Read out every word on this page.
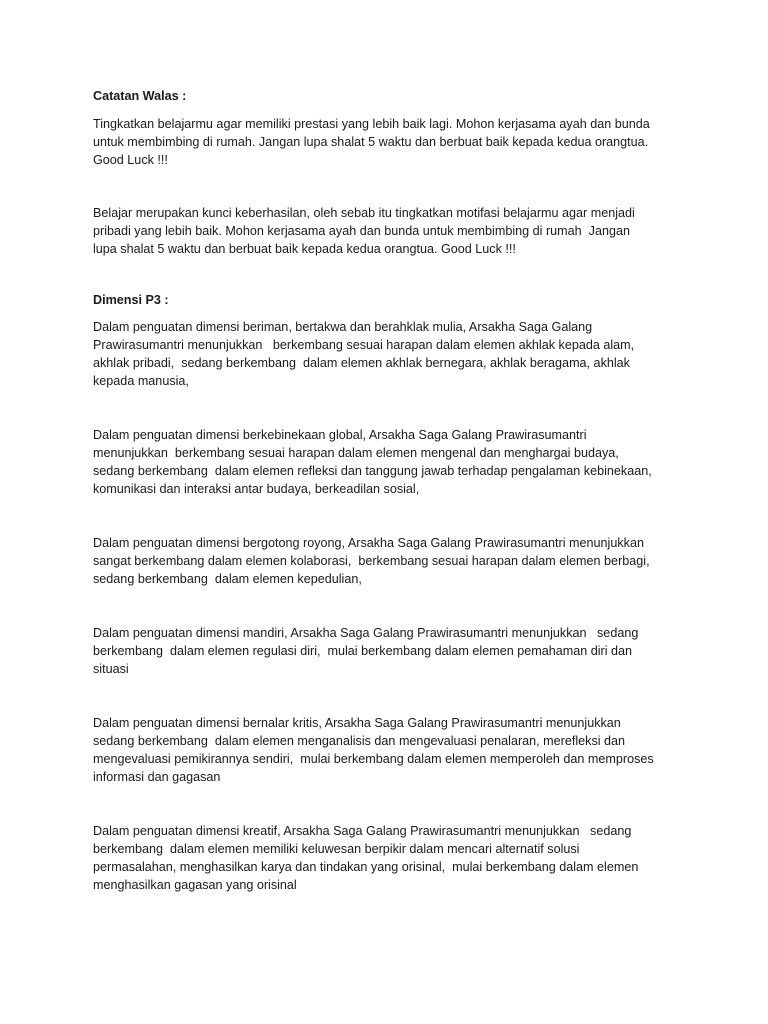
Catatan Walas :
Tingkatkan belajarmu agar memiliki prestasi yang lebih baik lagi. Mohon kerjasama ayah dan bunda
untuk membimbing di rumah. Jangan lupa shalat 5 waktu dan berbuat baik kepada kedua orangtua.
Good Luck !!!
Belajar merupakan kunci keberhasilan, oleh sebab itu tingkatkan motifasi belajarmu agar menjadi
pribadi yang lebih baik. Mohon kerjasama ayah dan bunda untuk membimbing di rumah  Jangan
lupa shalat 5 waktu dan berbuat baik kepada kedua orangtua. Good Luck !!!
Dimensi P3 :
Dalam penguatan dimensi beriman, bertakwa dan berahklak mulia, Arsakha Saga Galang
Prawirasumantri menunjukkan   berkembang sesuai harapan dalam elemen akhlak kepada alam,
akhlak pribadi,  sedang berkembang  dalam elemen akhlak bernegara, akhlak beragama, akhlak
kepada manusia,
Dalam penguatan dimensi berkebinekaan global, Arsakha Saga Galang Prawirasumantri
menunjukkan  berkembang sesuai harapan dalam elemen mengenal dan menghargai budaya,
sedang berkembang  dalam elemen refleksi dan tanggung jawab terhadap pengalaman kebinekaan,
komunikasi dan interaksi antar budaya, berkeadilan sosial,
Dalam penguatan dimensi bergotong royong, Arsakha Saga Galang Prawirasumantri menunjukkan
sangat berkembang dalam elemen kolaborasi,  berkembang sesuai harapan dalam elemen berbagi,
sedang berkembang  dalam elemen kepedulian,
Dalam penguatan dimensi mandiri, Arsakha Saga Galang Prawirasumantri menunjukkan   sedang
berkembang  dalam elemen regulasi diri,  mulai berkembang dalam elemen pemahaman diri dan
situasi
Dalam penguatan dimensi bernalar kritis, Arsakha Saga Galang Prawirasumantri menunjukkan
sedang berkembang  dalam elemen menganalisis dan mengevaluasi penalaran, merefleksi dan
mengevaluasi pemikirannya sendiri,  mulai berkembang dalam elemen memperoleh dan memproses
informasi dan gagasan
Dalam penguatan dimensi kreatif, Arsakha Saga Galang Prawirasumantri menunjukkan   sedang
berkembang  dalam elemen memiliki keluwesan berpikir dalam mencari alternatif solusi
permasalahan, menghasilkan karya dan tindakan yang orisinal,  mulai berkembang dalam elemen
menghasilkan gagasan yang orisinal
